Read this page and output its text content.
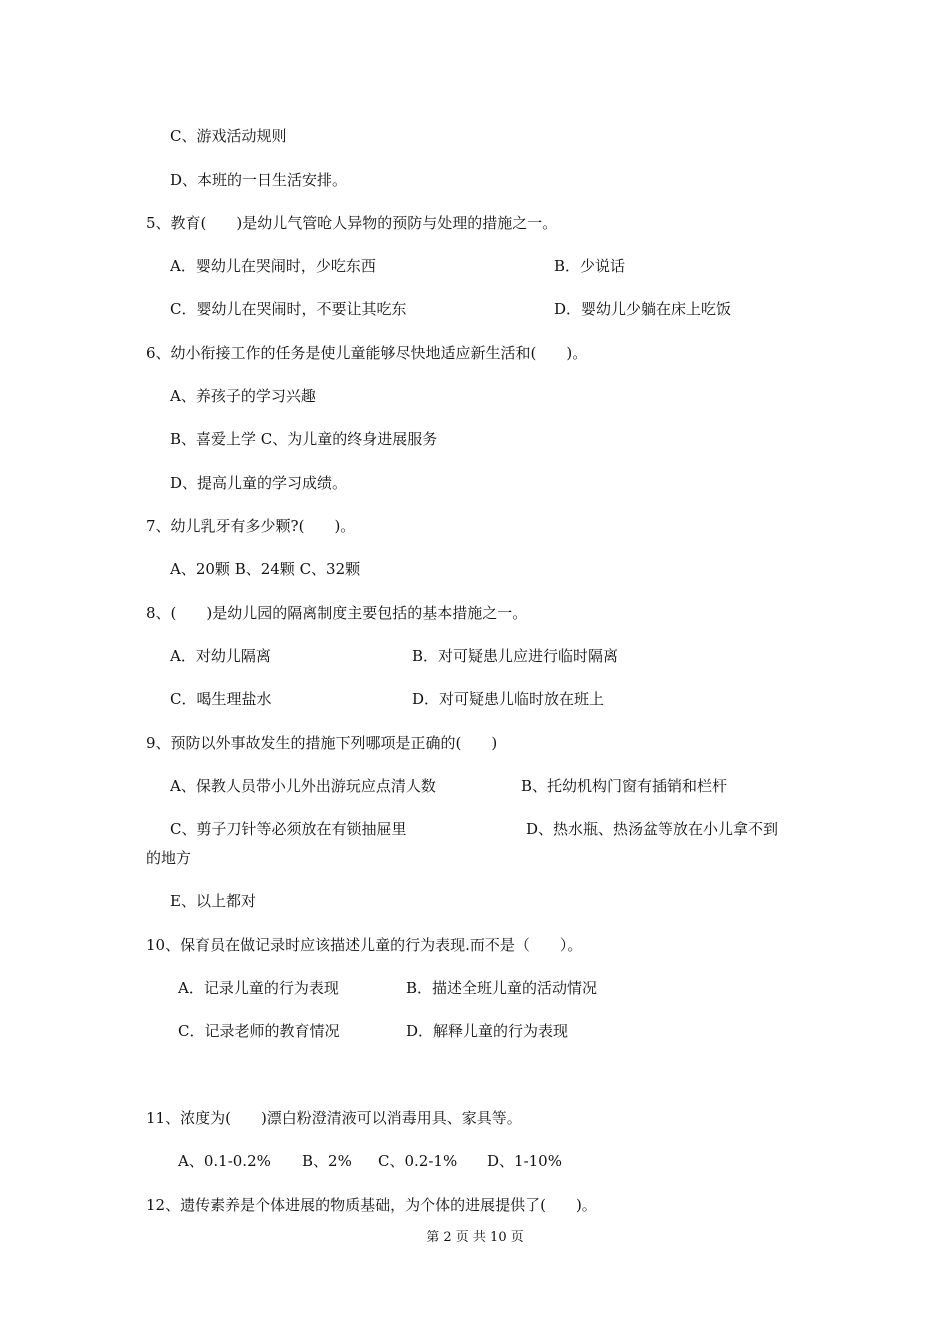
C、游戏活动规则
D、本班的一日生活安排。
5、教育(　　)是幼儿气管呛人异物的预防与处理的措施之一。
A．婴幼儿在哭闹时，少吃东西	B．少说话
C．婴幼儿在哭闹时，不要让其吃东	D．婴幼儿少躺在床上吃饭
6、幼小衔接工作的任务是使儿童能够尽快地适应新生活和(　　)。
A、养孩子的学习兴趣
B、喜爱上学 C、为儿童的终身进展服务
D、提高儿童的学习成绩。
7、幼儿乳牙有多少颗?(　　)。
A、20颗 B、24颗 C、32颗
8、(　　)是幼儿园的隔离制度主要包括的基本措施之一。
A．对幼儿隔离	B．对可疑患儿应进行临时隔离
C．喝生理盐水	D．对可疑患儿临时放在班上
9、预防以外事故发生的措施下列哪项是正确的(　　)
A、保教人员带小儿外出游玩应点清人数	B、托幼机构门窗有插销和栏杆
C、剪子刀针等必须放在有锁抽屉里	D、热水瓶、热汤盆等放在小儿拿不到
的地方
E、以上都对
10、保育员在做记录时应该描述儿童的行为表现.而不是（　　）。
A．记录儿童的行为表现	B．描述全班儿童的活动情况
C．记录老师的教育情况	D．解释儿童的行为表现
11、浓度为(　　)漂白粉澄清液可以消毒用具、家具等。
A、0.1-0.2% B、2% C、0.2-1% D、1-10%
12、遗传素养是个体进展的物质基础，为个体的进展提供了(　　)。
第 2 页 共 10 页
